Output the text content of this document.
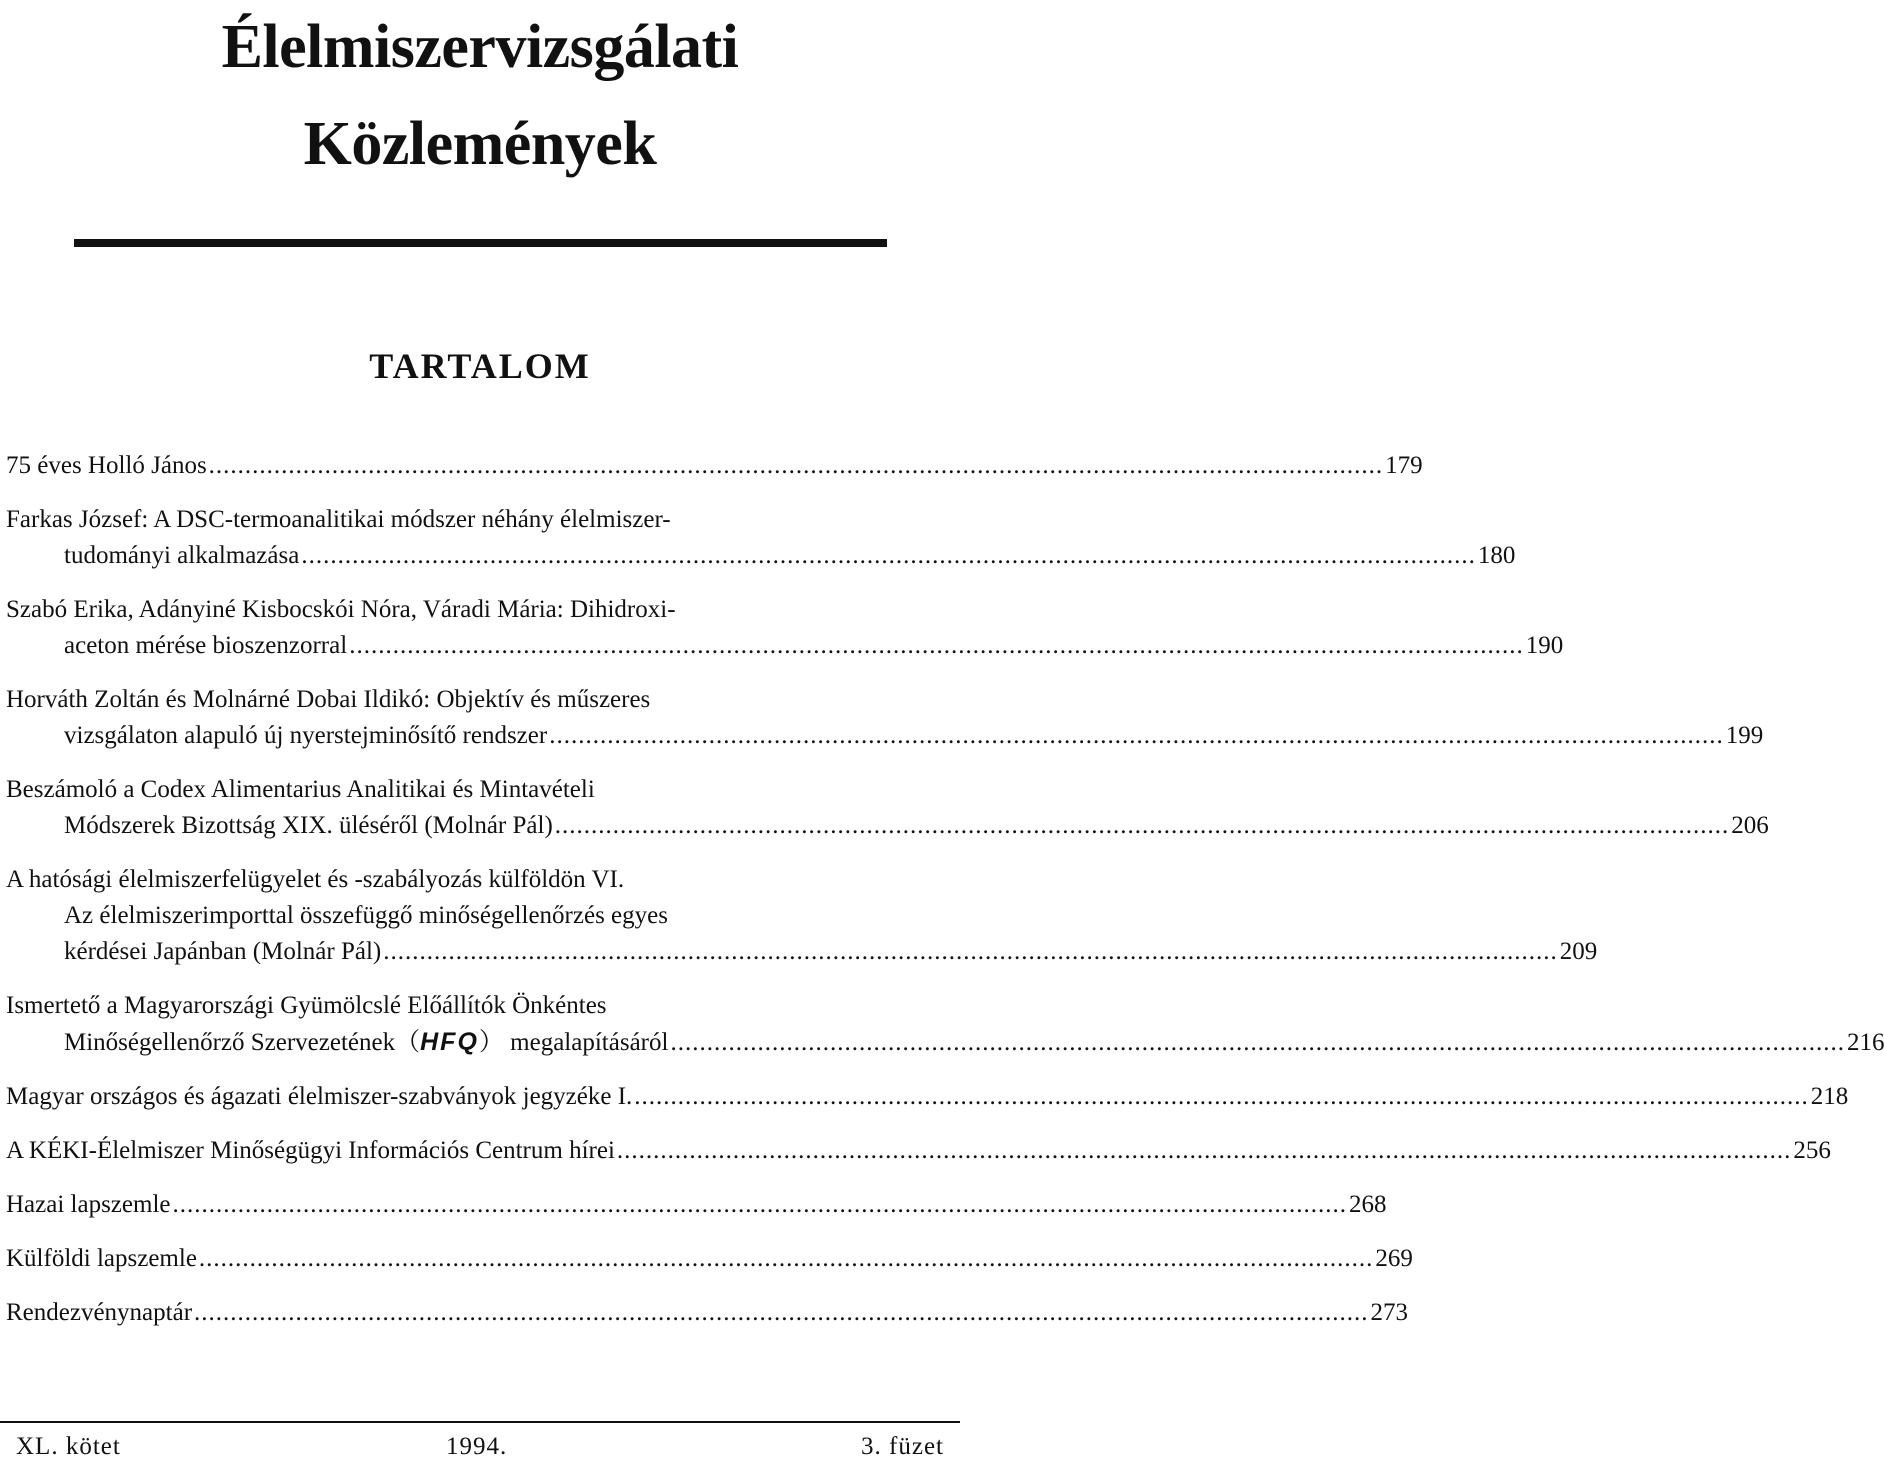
Élelmiszervizsgálati
Közlemények
TARTALOM
75 éves Holló János .................................................................................................................................................................. 179
Farkas József: A DSC-termoanalitikai módszer néhány élelmiszer-
tudományi alkalmazása .................................................................................................................................................................. 180
Szabó Erika, Adányiné Kisbocskói Nóra, Váradi Mária: Dihidroxi-
aceton mérése bioszenzorral .................................................................................................................................................................. 190
Horváth Zoltán és Molnárné Dobai Ildikó: Objektív és műszeres
vizsgálaton alapuló új nyerstejminősítő rendszer .................................................................................................................................................................. 199
Beszámoló a Codex Alimentarius Analitikai és Mintavételi
Módszerek Bizottság XIX. üléséről (Molnár Pál) .................................................................................................................................................................. 206
A hatósági élelmiszerfelügyelet és -szabályozás külföldön VI.
Az élelmiszerimporttal összefüggő minőségellenőrzés egyes
kérdései Japánban (Molnár Pál) .................................................................................................................................................................. 209
Ismertető a Magyarországi Gyümölcslé Előállítók Önkéntes
Minőségellenőrző Szervezetének（HFQ） megalapításáról .................................................................................................................................................................. 216
Magyar országos és ágazati élelmiszer-szabványok jegyzéke I. .................................................................................................................................................................. 218
A KÉKI-Élelmiszer Minőségügyi Információs Centrum hírei .................................................................................................................................................................. 256
Hazai lapszemle .................................................................................................................................................................. 268
Külföldi lapszemle .................................................................................................................................................................. 269
Rendezvénynaptár .................................................................................................................................................................. 273
XL. kötet	1994.	3. füzet
